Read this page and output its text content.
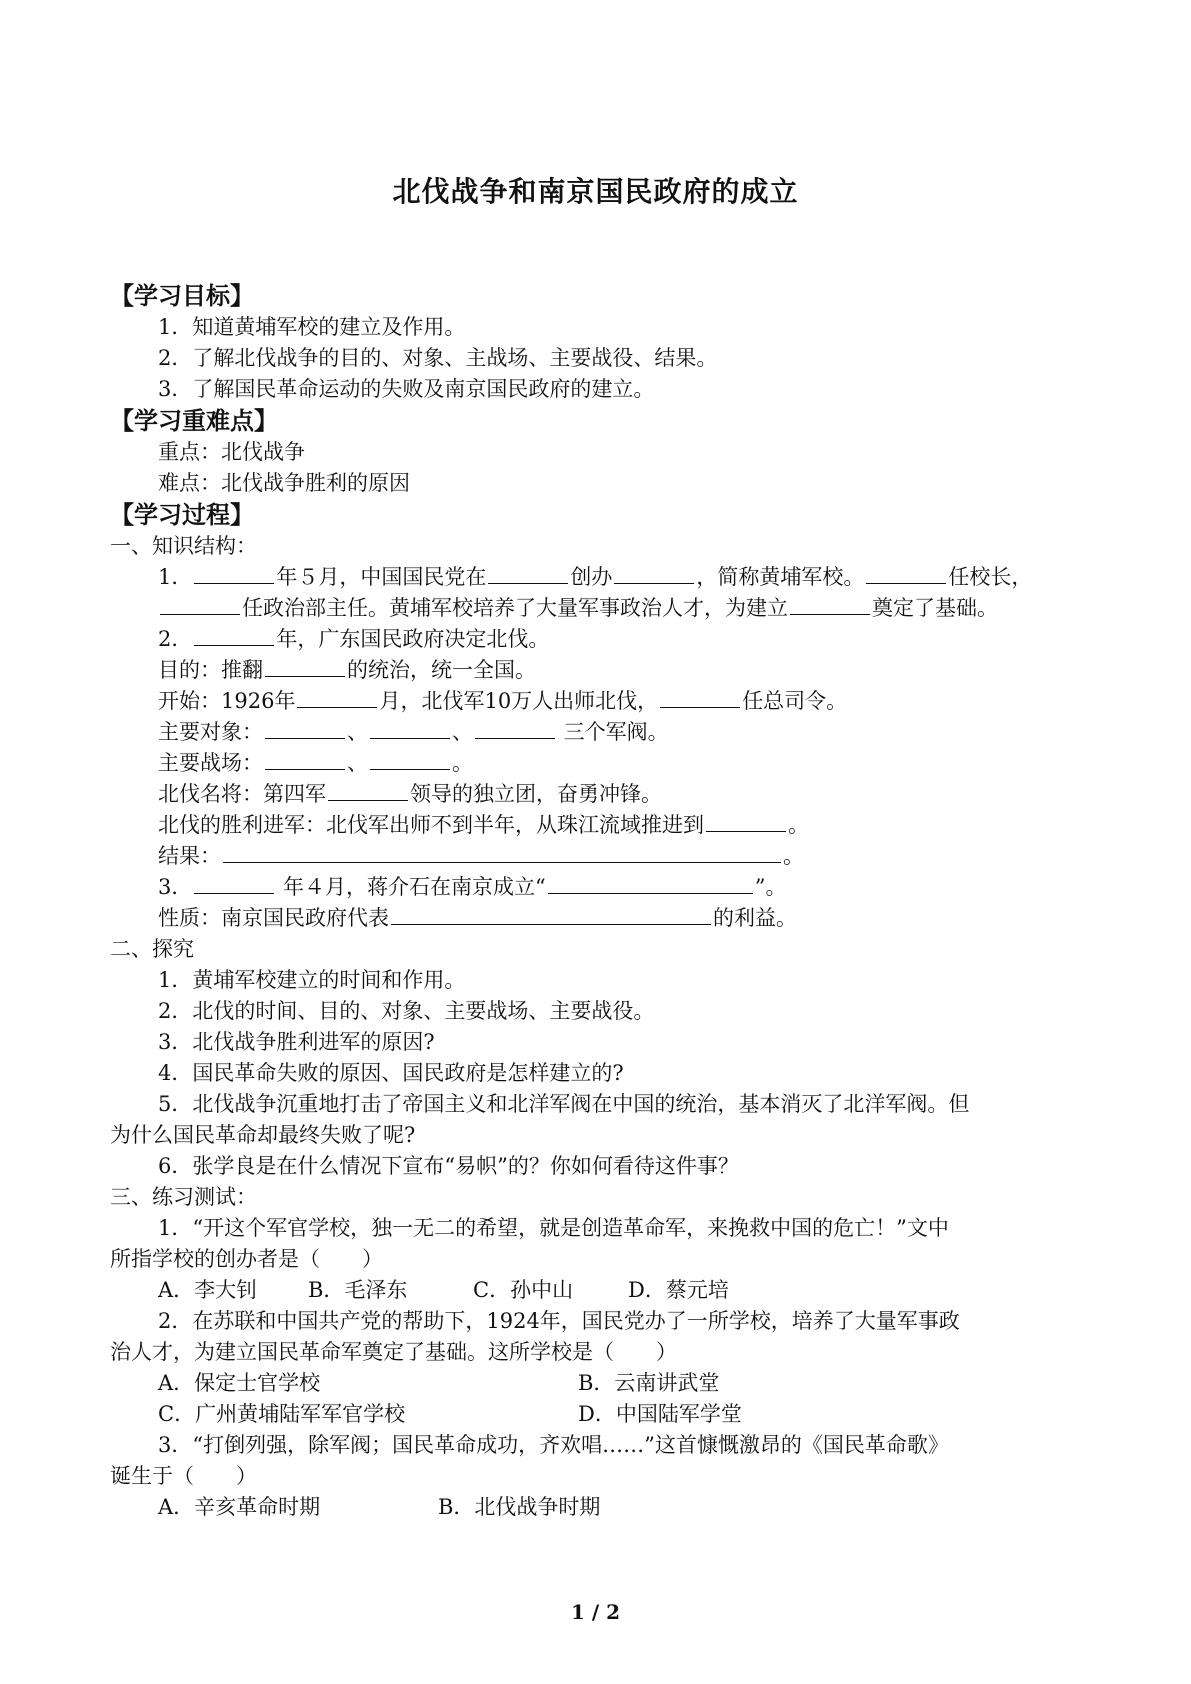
北伐战争和南京国民政府的成立
【学习目标】
1．知道黄埔军校的建立及作用。
2．了解北伐战争的目的、对象、主战场、主要战役、结果。
3．了解国民革命运动的失败及南京国民政府的建立。
【学习重难点】
重点：北伐战争
难点：北伐战争胜利的原因
【学习过程】
一、知识结构：
1．	年５月，中国国民党在	创办	，简称黄埔军校。	任校长，
任政治部主任。黄埔军校培养了大量军事政治人才，为建立	奠定了基础。
2．	年，广东国民政府决定北伐。
目的：推翻	的统治，统一全国。
开始：1926年	月，北伐军10万人出师北伐，	任总司令。
主要对象：	、	、	三个军阀。
主要战场：	、	。
北伐名将：第四军	领导的独立团，奋勇冲锋。
北伐的胜利进军：北伐军出师不到半年，从珠江流域推进到	。
结果：	。
3．	年４月，蒋介石在南京成立“	”。
性质：南京国民政府代表	的利益。
二、探究
1．黄埔军校建立的时间和作用。
2．北伐的时间、目的、对象、主要战场、主要战役。
3．北伐战争胜利进军的原因?
4．国民革命失败的原因、国民政府是怎样建立的?
5．北伐战争沉重地打击了帝国主义和北洋军阀在中国的统治，基本消灭了北洋军阀。但
为什么国民革命却最终失败了呢?
6．张学良是在什么情况下宣布“易帜”的？你如何看待这件事？
三、练习测试：
1．“开这个军官学校，独一无二的希望，就是创造革命军，来挽救中国的危亡！”文中
所指学校的创办者是（　　）
A．李大钊 B．毛泽东	C．孙中山	D．蔡元培
2．在苏联和中国共产党的帮助下，1924年，国民党办了一所学校，培养了大量军事政
治人才，为建立国民革命军奠定了基础。这所学校是（　　）
A．保定士官学校	B．云南讲武堂
C．广州黄埔陆军军官学校	D．中国陆军学堂
3．“打倒列强，除军阀；国民革命成功，齐欢唱……”这首慷慨激昂的《国民革命歌》
诞生于（　　）
A．辛亥革命时期	B．北伐战争时期
1 / 2
